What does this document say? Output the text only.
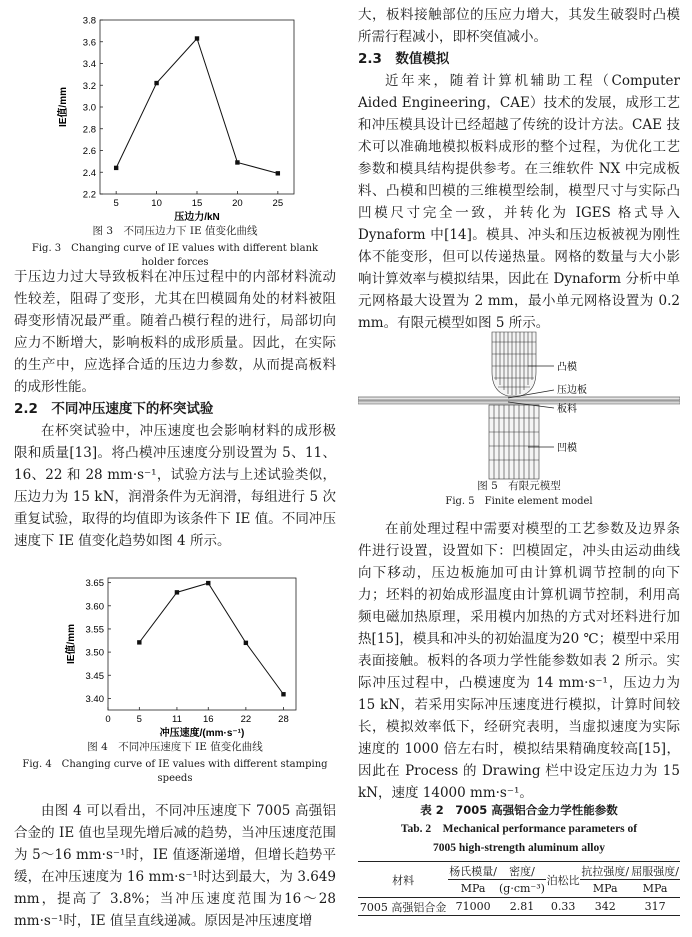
2.2
2.4
2.6
2.8
3.0
3.2
3.4
3.6
3.8
5	10	15	20	25
压边力/kN
IE值/mm

图 3　不同压边力下 IE 值变化曲线

Fig. 3　Changing curve of IE values with different blank holder forces

于压边力过大导致板料在冲压过程中的内部材料流动性较差，阻碍了变形，尤其在凹模圆角处的材料被阻碍变形情况最严重。随着凸模行程的进行，局部切向应力不断增大，影响板料的成形质量。因此，在实际的生产中，应选择合适的压边力参数，从而提高板料的成形性能。

2.2　不同冲压速度下的杯突试验

在杯突试验中，冲压速度也会影响材料的成形极限和质量[13]。将凸模冲压速度分别设置为 5、11、16、22 和 28 mm·s⁻¹，试验方法与上述试验类似，压边力为 15 kN，润滑条件为无润滑，每组进行 5 次重复试验，取得的均值即为该条件下 IE 值。不同冲压速度下 IE 值变化趋势如图 4 所示。

3.40
3.45
3.50
3.55
3.60
3.65
0	5	11 16	22	28
冲压速度/(mm·s⁻¹)
IE值/mm

图 4　不同冲压速度下 IE 值变化曲线

Fig. 4　Changing curve of IE values with different stamping speeds

由图 4 可以看出，不同冲压速度下 7005 高强铝合金的 IE 值也呈现先增后减的趋势，当冲压速度范围为 5～16 mm·s⁻¹时，IE 值逐渐递增，但增长趋势平缓，在冲压速度为 16 mm·s⁻¹时达到最大，为 3.649 mm，提高了 3.8%；当冲压速度范围为16～28 mm·s⁻¹时，IE 值呈直线递减。原因是冲压速度增

大，板料接触部位的压应力增大，其发生破裂时凸模所需行程减小，即杯突值减小。

2.3　数值模拟

近年来，随着计算机辅助工程（Computer Aided Engineering，CAE）技术的发展，成形工艺和冲压模具设计已经超越了传统的设计方法。CAE 技术可以准确地模拟板料成形的整个过程，为优化工艺参数和模具结构提供参考。在三维软件 NX 中完成板料、凸模和凹模的三维模型绘制，模型尺寸与实际凸凹模尺寸完全一致，并转化为 IGES 格式导入 Dynaform 中[14]。模具、冲头和压边板被视为刚性体不能变形，但可以传递热量。网格的数量与大小影响计算效率与模拟结果，因此在 Dynaform 分析中单元网格最大设置为 2 mm，最小单元网格设置为 0.2 mm。有限元模型如图 5 所示。

凸模
压边板
板料
凹模

图 5　有限元模型

Fig. 5　Finite element model

在前处理过程中需要对模型的工艺参数及边界条件进行设置，设置如下：凹模固定，冲头由运动曲线向下移动，压边板施加可由计算机调节控制的向下力；坯料的初始成形温度由计算机调节控制，利用高频电磁加热原理，采用模内加热的方式对坯料进行加热[15]，模具和冲头的初始温度为20 ℃；模型中采用表面接触。板料的各项力学性能参数如表 2 所示。实际冲压过程中，凸模速度为 14 mm·s⁻¹，压边力为 15 kN，若采用实际冲压速度进行模拟，计算时间较长，模拟效率低下，经研究表明，当虚拟速度为实际速度的 1000 倍左右时，模拟结果精确度较高[15]，因此在 Process 的 Drawing 栏中设定压边力为 15 kN，速度 14000 mm·s⁻¹。

表 2　7005 高强铝合金力学性能参数

Tab. 2　Mechanical performance parameters of

7005 high-strength aluminum alloy

材料	杨氏模量/	密度/	泊松比	抗拉强度/	屈服强度/
	MPa	(g·cm⁻³)		MPa	MPa
7005 高强铝合金	71000	2.81	0.33	342	317
